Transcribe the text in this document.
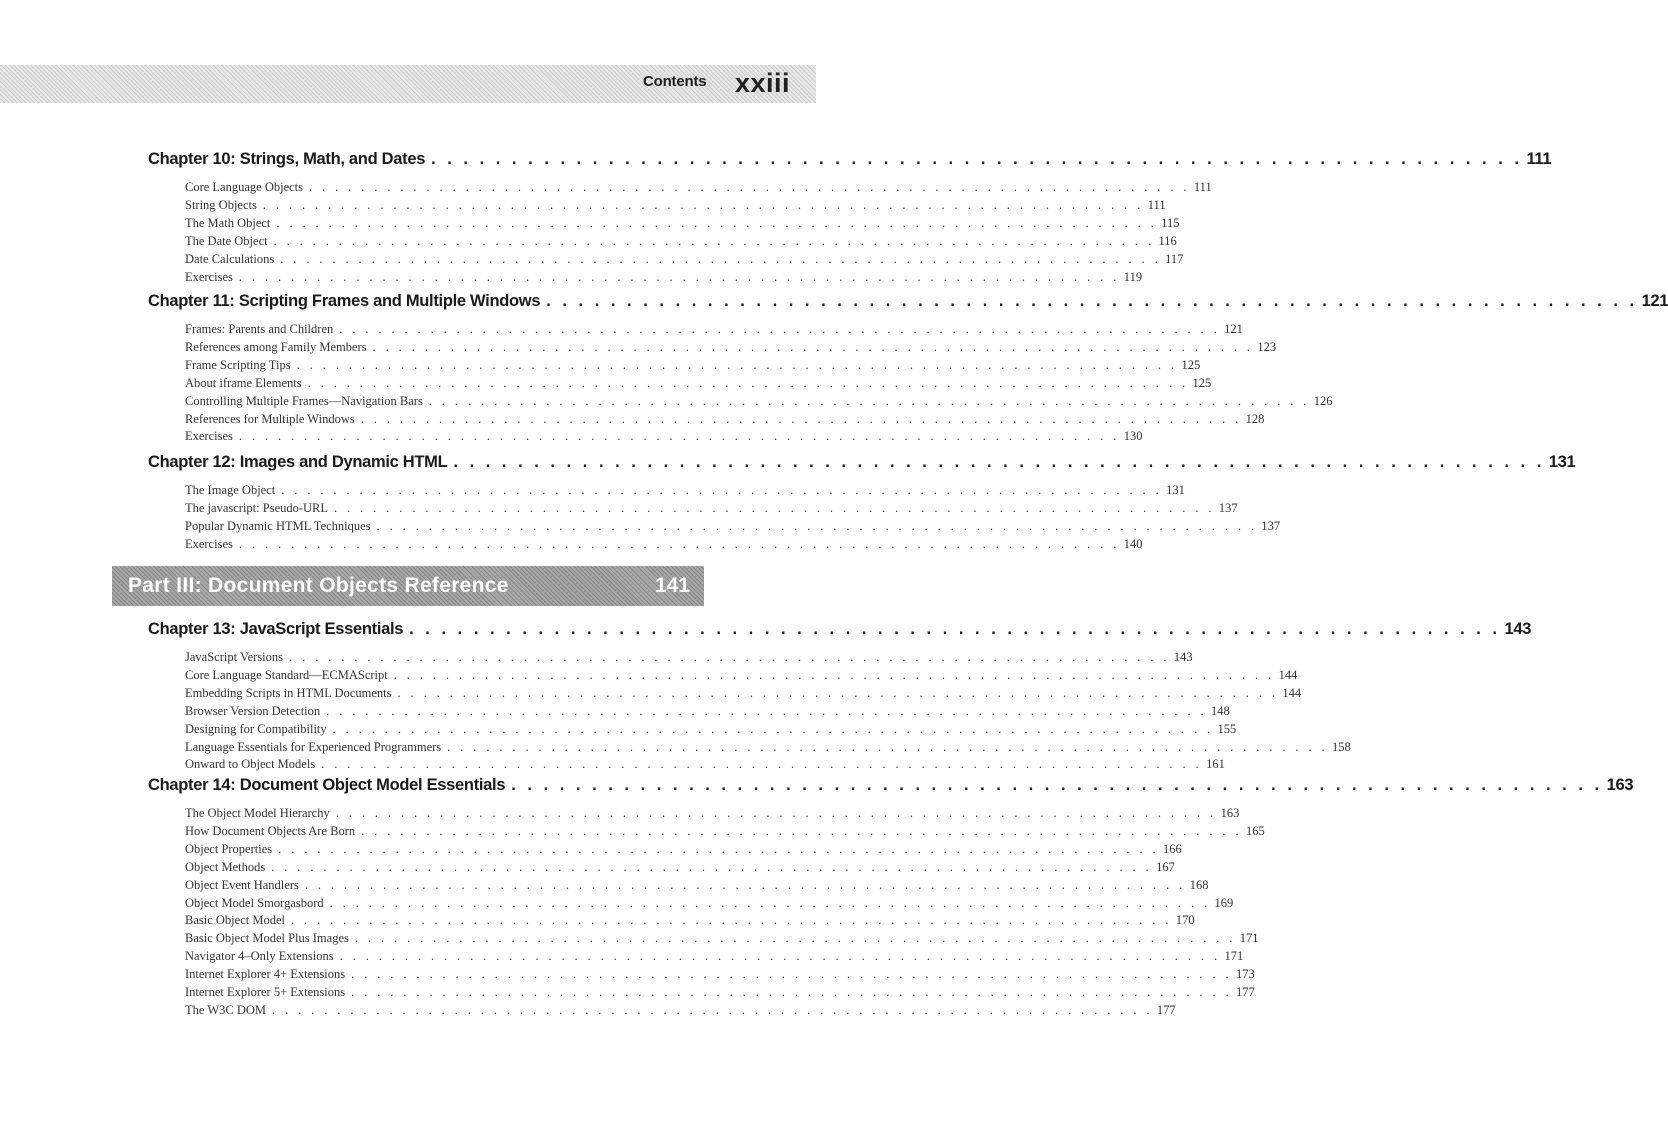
Contents xxiii
Chapter 10: Strings, Math, and Dates . . . . . . . . . . . . . . . . . . . . . . . . . . . . . . . . . . . . . . . . . . . . . . . . . . . . . . . . . . . . . . . . . . . . 111
Core Language Objects . . . . . . . . . . . . . . . . . . . . . . . . . . . . . . . . . . . . . . . . . . . . . . . . . . . . . . . . . . . . . . . . . . . . 111
String Objects . . . . . . . . . . . . . . . . . . . . . . . . . . . . . . . . . . . . . . . . . . . . . . . . . . . . . . . . . . . . . . . . . . . . 111
The Math Object . . . . . . . . . . . . . . . . . . . . . . . . . . . . . . . . . . . . . . . . . . . . . . . . . . . . . . . . . . . . . . . . . . . . 115
The Date Object . . . . . . . . . . . . . . . . . . . . . . . . . . . . . . . . . . . . . . . . . . . . . . . . . . . . . . . . . . . . . . . . . . . . 116
Date Calculations . . . . . . . . . . . . . . . . . . . . . . . . . . . . . . . . . . . . . . . . . . . . . . . . . . . . . . . . . . . . . . . . . . . . 117
Exercises . . . . . . . . . . . . . . . . . . . . . . . . . . . . . . . . . . . . . . . . . . . . . . . . . . . . . . . . . . . . . . . . . . . . 119
Chapter 11: Scripting Frames and Multiple Windows . . . . . . . . . . . . . . . . . . . . . . . . . . . . . . . . . . . . . . . . . . . . . . . . . . . . . . . . . . . . . . . . . . . . 121
Frames: Parents and Children . . . . . . . . . . . . . . . . . . . . . . . . . . . . . . . . . . . . . . . . . . . . . . . . . . . . . . . . . . . . . . . . . . . . 121
References among Family Members . . . . . . . . . . . . . . . . . . . . . . . . . . . . . . . . . . . . . . . . . . . . . . . . . . . . . . . . . . . . . . . . . . . . 123
Frame Scripting Tips . . . . . . . . . . . . . . . . . . . . . . . . . . . . . . . . . . . . . . . . . . . . . . . . . . . . . . . . . . . . . . . . . . . . 125
About iframe Elements . . . . . . . . . . . . . . . . . . . . . . . . . . . . . . . . . . . . . . . . . . . . . . . . . . . . . . . . . . . . . . . . . . . . 125
Controlling Multiple Frames—Navigation Bars . . . . . . . . . . . . . . . . . . . . . . . . . . . . . . . . . . . . . . . . . . . . . . . . . . . . . . . . . . . . . . . . . . . . 126
References for Multiple Windows . . . . . . . . . . . . . . . . . . . . . . . . . . . . . . . . . . . . . . . . . . . . . . . . . . . . . . . . . . . . . . . . . . . . 128
Exercises . . . . . . . . . . . . . . . . . . . . . . . . . . . . . . . . . . . . . . . . . . . . . . . . . . . . . . . . . . . . . . . . . . . . 130
Chapter 12: Images and Dynamic HTML . . . . . . . . . . . . . . . . . . . . . . . . . . . . . . . . . . . . . . . . . . . . . . . . . . . . . . . . . . . . . . . . . . . . 131
The Image Object . . . . . . . . . . . . . . . . . . . . . . . . . . . . . . . . . . . . . . . . . . . . . . . . . . . . . . . . . . . . . . . . . . . . 131
The javascript: Pseudo-URL . . . . . . . . . . . . . . . . . . . . . . . . . . . . . . . . . . . . . . . . . . . . . . . . . . . . . . . . . . . . . . . . . . . . 137
Popular Dynamic HTML Techniques . . . . . . . . . . . . . . . . . . . . . . . . . . . . . . . . . . . . . . . . . . . . . . . . . . . . . . . . . . . . . . . . . . . . 137
Exercises . . . . . . . . . . . . . . . . . . . . . . . . . . . . . . . . . . . . . . . . . . . . . . . . . . . . . . . . . . . . . . . . . . . . 140
Part III: Document Objects Reference	141
Chapter 13: JavaScript Essentials . . . . . . . . . . . . . . . . . . . . . . . . . . . . . . . . . . . . . . . . . . . . . . . . . . . . . . . . . . . . . . . . . . . . 143
JavaScript Versions . . . . . . . . . . . . . . . . . . . . . . . . . . . . . . . . . . . . . . . . . . . . . . . . . . . . . . . . . . . . . . . . . . . . 143
Core Language Standard—ECMAScript . . . . . . . . . . . . . . . . . . . . . . . . . . . . . . . . . . . . . . . . . . . . . . . . . . . . . . . . . . . . . . . . . . . . 144
Embedding Scripts in HTML Documents . . . . . . . . . . . . . . . . . . . . . . . . . . . . . . . . . . . . . . . . . . . . . . . . . . . . . . . . . . . . . . . . . . . . 144
Browser Version Detection . . . . . . . . . . . . . . . . . . . . . . . . . . . . . . . . . . . . . . . . . . . . . . . . . . . . . . . . . . . . . . . . . . . . 148
Designing for Compatibility . . . . . . . . . . . . . . . . . . . . . . . . . . . . . . . . . . . . . . . . . . . . . . . . . . . . . . . . . . . . . . . . . . . . 155
Language Essentials for Experienced Programmers . . . . . . . . . . . . . . . . . . . . . . . . . . . . . . . . . . . . . . . . . . . . . . . . . . . . . . . . . . . . . . . . . . . . 158
Onward to Object Models . . . . . . . . . . . . . . . . . . . . . . . . . . . . . . . . . . . . . . . . . . . . . . . . . . . . . . . . . . . . . . . . . . . . 161
Chapter 14: Document Object Model Essentials . . . . . . . . . . . . . . . . . . . . . . . . . . . . . . . . . . . . . . . . . . . . . . . . . . . . . . . . . . . . . . . . . . . . 163
The Object Model Hierarchy . . . . . . . . . . . . . . . . . . . . . . . . . . . . . . . . . . . . . . . . . . . . . . . . . . . . . . . . . . . . . . . . . . . . 163
How Document Objects Are Born . . . . . . . . . . . . . . . . . . . . . . . . . . . . . . . . . . . . . . . . . . . . . . . . . . . . . . . . . . . . . . . . . . . . 165
Object Properties . . . . . . . . . . . . . . . . . . . . . . . . . . . . . . . . . . . . . . . . . . . . . . . . . . . . . . . . . . . . . . . . . . . . 166
Object Methods . . . . . . . . . . . . . . . . . . . . . . . . . . . . . . . . . . . . . . . . . . . . . . . . . . . . . . . . . . . . . . . . . . . . 167
Object Event Handlers . . . . . . . . . . . . . . . . . . . . . . . . . . . . . . . . . . . . . . . . . . . . . . . . . . . . . . . . . . . . . . . . . . . . 168
Object Model Smorgasbord . . . . . . . . . . . . . . . . . . . . . . . . . . . . . . . . . . . . . . . . . . . . . . . . . . . . . . . . . . . . . . . . . . . . 169
Basic Object Model . . . . . . . . . . . . . . . . . . . . . . . . . . . . . . . . . . . . . . . . . . . . . . . . . . . . . . . . . . . . . . . . . . . . 170
Basic Object Model Plus Images . . . . . . . . . . . . . . . . . . . . . . . . . . . . . . . . . . . . . . . . . . . . . . . . . . . . . . . . . . . . . . . . . . . . 171
Navigator 4–Only Extensions . . . . . . . . . . . . . . . . . . . . . . . . . . . . . . . . . . . . . . . . . . . . . . . . . . . . . . . . . . . . . . . . . . . . 171
Internet Explorer 4+ Extensions . . . . . . . . . . . . . . . . . . . . . . . . . . . . . . . . . . . . . . . . . . . . . . . . . . . . . . . . . . . . . . . . . . . . 173
Internet Explorer 5+ Extensions . . . . . . . . . . . . . . . . . . . . . . . . . . . . . . . . . . . . . . . . . . . . . . . . . . . . . . . . . . . . . . . . . . . . 177
The W3C DOM . . . . . . . . . . . . . . . . . . . . . . . . . . . . . . . . . . . . . . . . . . . . . . . . . . . . . . . . . . . . . . . . . . . . 177
